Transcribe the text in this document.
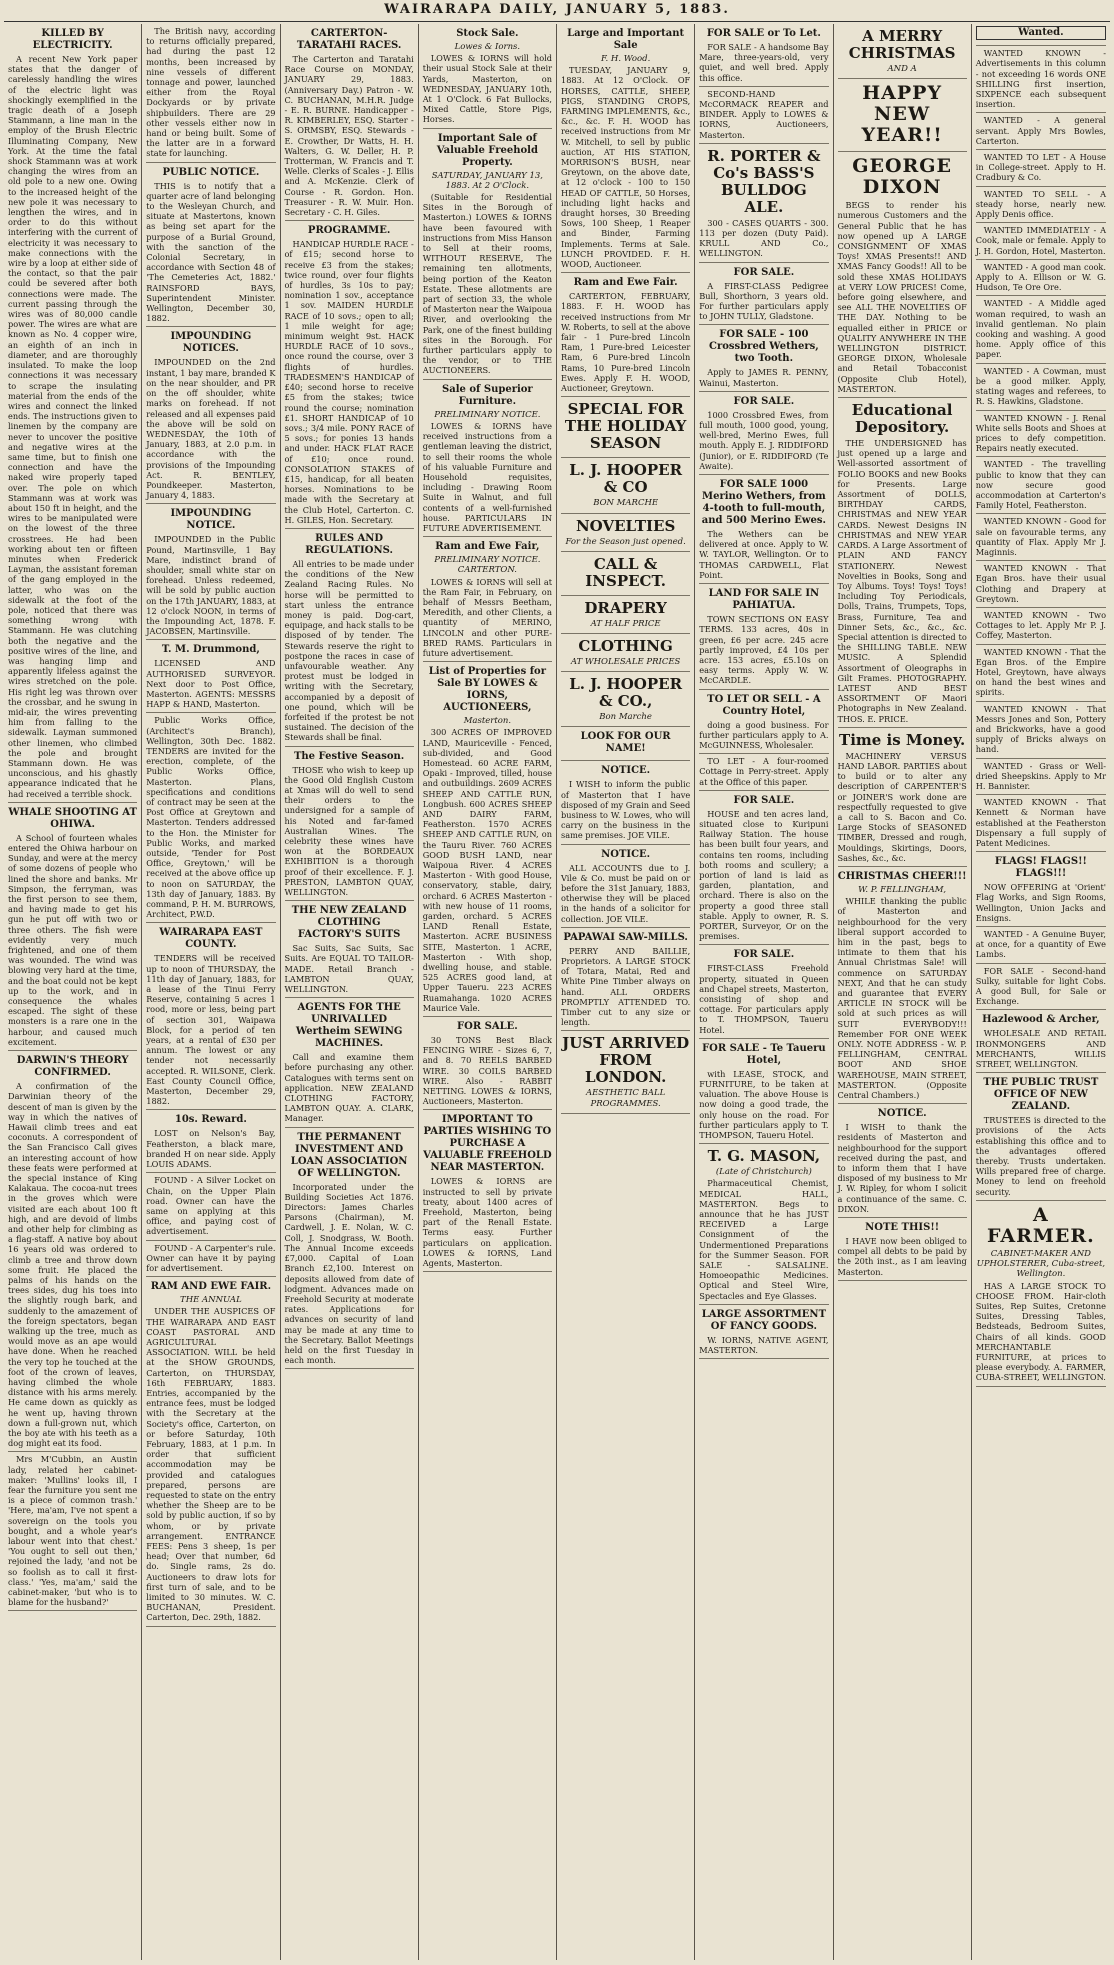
WAIRARAPA DAILY, JANUARY 5, 1883.
KILLED BY ELECTRICITY.

A recent New York paper states that the danger of carelessly handling the wires of the electric light was shockingly exemplified in the tragic death of a Joseph Stammann, a line man in the employ of the Brush Electric Illuminating Company, New York. At the time the fatal shock Stammann was at work changing the wires from an old pole to a new one. Owing to the increased height of the new pole it was necessary to lengthen the wires, and in order to do this without interfering with the current of electricity it was necessary to make connections with the wire by a loop at either side of the contact, so that the pair could be severed after both connections were made. The current passing through the wires was of 80,000 candle power. The wires are what are known as No. 4 copper wire, an eighth of an inch in diameter, and are thoroughly insulated. To make the loop connections it was necessary to scrape the insulating material from the ends of the wires and connect the linked ends. The instructions given to linemen by the company are never to uncover the positive and negative wires at the same time, but to finish one connection and have the naked wire properly taped over. The pole on which Stammann was at work was about 150 ft in height, and the wires to be manipulated were on the lowest of the three crosstrees. He had been working about ten or fifteen minutes when Frederick Layman, the assistant foreman of the gang employed in the latter, who was on the sidewalk at the foot of the pole, noticed that there was something wrong with Stammann. He was clutching both the negative and the positive wires of the line, and was hanging limp and apparently lifeless against the wires stretched on the pole. His right leg was thrown over the crossbar, and he swung in mid-air, the wires preventing him from falling to the sidewalk. Layman summoned other linemen, who climbed the pole and brought Stammann down. He was unconscious, and his ghastly appearance indicated that he had received a terrible shock.

WHALE SHOOTING AT OHIWA.

A School of fourteen whales entered the Ohiwa harbour on Sunday, and were at the mercy of some dozens of people who lined the shore and banks. Mr Simpson, the ferryman, was the first person to see them, and having made to get his gun he put off with two or three others. The fish were evidently very much frightened, and one of them was wounded. The wind was blowing very hard at the time, and the boat could not be kept up to the work, and in consequence the whales escaped. The sight of these monsters is a rare one in the harbour, and caused much excitement.

DARWIN'S THEORY CONFIRMED.

A confirmation of the Darwinian theory of the descent of man is given by the way in which the natives of Hawaii climb trees and eat coconuts. A correspondent of the San Francisco Call gives an interesting account of how these feats were performed at the special instance of King Kalakaua. The cocoa-nut trees in the groves which were visited are each about 100 ft high, and are devoid of limbs and other help for climbing as a flag-staff. A native boy about 16 years old was ordered to climb a tree and throw down some fruit. He placed the palms of his hands on the trees sides, dug his toes into the slightly rough bark, and suddenly to the amazement of the foreign spectators, began walking up the tree, much as would move as an ape would have done. When he reached the very top he touched at the foot of the crown of leaves, having climbed the whole distance with his arms merely. He came down as quickly as he went up, having thrown down a full-grown nut, which the boy ate with his teeth as a dog might eat its food.

Mrs M'Cubbin, an Austin lady, related her cabinet-maker: 'Mullins' looks ill, I fear the furniture you sent me is a piece of common trash.' 'Here, ma'am, I've not spent a sovereign on the tools you bought, and a whole year's labour went into that chest.' 'You ought to sell out then,' rejoined the lady, 'and not be so foolish as to call it first-class.' 'Yes, ma'am,' said the cabinet-maker, 'but who is to blame for the husband?'

The British navy, according to returns officially prepared, had during the past 12 months, been increased by nine vessels of different tonnage and power, launched either from the Royal Dockyards or by private shipbuilders. There are 29 other vessels either now in hand or being built. Some of the latter are in a forward state for launching.

PUBLIC NOTICE.

THIS is to notify that a quarter acre of land belonging to the Wesleyan Church, and situate at Mastertons, known as being set apart for the purpose of a Burial Ground, with the sanction of the Colonial Secretary, in accordance with Section 48 of 'The Cemeteries Act, 1882.' RAINSFORD BAYS, Superintendent Minister. Wellington, December 30, 1882.

IMPOUNDING NOTICES.

IMPOUNDED on the 2nd instant, 1 bay mare, branded K on the near shoulder, and PR on the off shoulder, white marks on forehead. If not released and all expenses paid the above will be sold on WEDNESDAY, the 10th of January, 1883, at 2.0 p.m. in accordance with the provisions of the Impounding Act. R. BENTLEY, Poundkeeper. Masterton, January 4, 1883.

IMPOUNDING NOTICE.

IMPOUNDED in the Public Pound, Martinsville, 1 Bay Mare, indistinct brand of shoulder, small white star on forehead. Unless redeemed, will be sold by public auction on the 17th JANUARY, 1883, at 12 o'clock NOON, in terms of the Impounding Act, 1878. F. JACOBSEN, Martinsville.

T. M. Drummond,

LICENSED AND AUTHORISED SURVEYOR. Next door to Post Office, Masterton. AGENTS: MESSRS HAPP & HAND, Masterton.

Public Works Office, (Architect's Branch), Wellington, 30th Dec. 1882. TENDERS are invited for the erection, complete, of the Public Works Office, Masterton. Plans, specifications and conditions of contract may be seen at the Post Office at Greytown and Masterton. Tenders addressed to the Hon. the Minister for Public Works, and marked outside, 'Tender for Post Office, Greytown,' will be received at the above office up to noon on SATURDAY, the 13th day of January, 1883. By command, P. H. M. BURROWS, Architect, P.W.D.

WAIRARAPA EAST COUNTY.

TENDERS will be received up to noon of THURSDAY, the 11th day of January, 1883, for a lease of the Tinui Ferry Reserve, containing 5 acres 1 rood, more or less, being part of section 301, Waipawa Block, for a period of ten years, at a rental of £30 per annum. The lowest or any tender not necessarily accepted. R. WILSONE, Clerk. East County Council Office, Masterton, December 29, 1882.

10s. Reward.

LOST on Nelson's Bay, Featherston, a black mare, branded H on near side. Apply LOUIS ADAMS.

FOUND - A Silver Locket on Chain, on the Upper Plain road. Owner can have the same on applying at this office, and paying cost of advertisement.

FOUND - A Carpenter's rule. Owner can have it by paying for advertisement.

RAM AND EWE FAIR.
THE ANNUAL

UNDER THE AUSPICES OF THE WAIRARAPA AND EAST COAST PASTORAL AND AGRICULTURAL ASSOCIATION. WILL be held at the SHOW GROUNDS, Carterton, on THURSDAY, 16th FEBRUARY, 1883. Entries, accompanied by the entrance fees, must be lodged with the Secretary at the Society's office, Carterton, on or before Saturday, 10th February, 1883, at 1 p.m. In order that sufficient accommodation may be provided and catalogues prepared, persons are requested to state on the entry whether the Sheep are to be sold by public auction, if so by whom, or by private arrangement. ENTRANCE FEES: Pens 3 sheep, 1s per head; Over that number, 6d do. Single rams, 2s do. Auctioneers to draw lots for first turn of sale, and to be limited to 30 minutes. W. C. BUCHANAN, President. Carterton, Dec. 29th, 1882.

CARTERTON-TARATAHI RACES.

The Carterton and Taratahi Race Course on MONDAY, JANUARY 29, 1883. (Anniversary Day.) Patron - W. C. BUCHANAN, M.H.R. Judge - E. R. BURNE. Handicapper - R. KIMBERLEY, ESQ. Starter - S. ORMSBY, ESQ. Stewards - E. Crowther, Dr Watts, H. H. Walters, G. W. Deller, H. P. Trotterman, W. Francis and T. Welle. Clerks of Scales - J. Ellis and A. McKenzie. Clerk of Course - R. Gordon. Hon. Treasurer - R. W. Muir. Hon. Secretary - C. H. Giles.

PROGRAMME.

HANDICAP HURDLE RACE - of £15; second horse to receive £3 from the stakes; twice round, over four flights of hurdles, 3s 10s to pay; nomination 1 sov., acceptance 1 sov. MAIDEN HURDLE RACE of 10 sovs.; open to all; 1 mile weight for age; minimum weight 9st. HACK HURDLE RACE of 10 sovs., once round the course, over 3 flights of hurdles. TRADESMEN'S HANDICAP of £40; second horse to receive £5 from the stakes; twice round the course; nomination £1. SHORT HANDICAP of 10 sovs.; 3/4 mile. PONY RACE of 5 sovs.; for ponies 13 hands and under. HACK FLAT RACE of £10; once round. CONSOLATION STAKES of £15, handicap, for all beaten horses. Nominations to be made with the Secretary at the Club Hotel, Carterton. C. H. GILES, Hon. Secretary.

RULES AND REGULATIONS.

All entries to be made under the conditions of the New Zealand Racing Rules. No horse will be permitted to start unless the entrance money is paid. Dog-cart, equipage, and hack stalls to be disposed of by tender. The Stewards reserve the right to postpone the races in case of unfavourable weather. Any protest must be lodged in writing with the Secretary, accompanied by a deposit of one pound, which will be forfeited if the protest be not sustained. The decision of the Stewards shall be final.

The Festive Season.

THOSE who wish to keep up the Good Old English Custom at Xmas will do well to send their orders to the undersigned for a sample of his Noted and far-famed Australian Wines. The celebrity these wines have won at the BORDEAUX EXHIBITION is a thorough proof of their excellence. F. J. PRESTON, LAMBTON QUAY, WELLINGTON.

THE NEW ZEALAND CLOTHING FACTORY'S SUITS

Sac Suits, Sac Suits, Sac Suits. Are EQUAL TO TAILOR-MADE. Retail Branch - LAMBTON QUAY, WELLINGTON.

AGENTS FOR THE UNRIVALLED Wertheim SEWING MACHINES.

Call and examine them before purchasing any other. Catalogues with terms sent on application. NEW ZEALAND CLOTHING FACTORY, LAMBTON QUAY. A. CLARK, Manager.

THE PERMANENT INVESTMENT AND LOAN ASSOCIATION OF WELLINGTON.

Incorporated under the Building Societies Act 1876. Directors: James Charles Parsons (Chairman), M. Cardwell, J. E. Nolan, W. C. Coll, J. Snodgrass, W. Booth. The Annual Income exceeds £7,000. Capital of Loan Branch £2,100. Interest on deposits allowed from date of lodgment. Advances made on Freehold Security at moderate rates. Applications for advances on security of land may be made at any time to the Secretary. Ballot Meetings held on the first Tuesday in each month.

Stock Sale.
Lowes & Iorns.

LOWES & IORNS will hold their usual Stock Sale at their Yards, Masterton, on WEDNESDAY, JANUARY 10th, At 1 O'Clock. 6 Fat Bullocks, Mixed Cattle, Store Pigs, Horses.

Important Sale of Valuable Freehold Property.
SATURDAY, JANUARY 13, 1883. At 2 O'Clock.

(Suitable for Residential Sites in the Borough of Masterton.) LOWES & IORNS have been favoured with instructions from Miss Hanson to Sell at their rooms, WITHOUT RESERVE, The remaining ten allotments, being portion of the Keaton Estate. These allotments are part of section 33, the whole of Masterton near the Waipoua River, and overlooking the Park, one of the finest building sites in the Borough. For further particulars apply to the vendor, or to THE AUCTIONEERS.

Sale of Superior Furniture.
PRELIMINARY NOTICE.

LOWES & IORNS have received instructions from a gentleman leaving the district, to sell their rooms the whole of his valuable Furniture and Household requisites, including - Drawing Room Suite in Walnut, and full contents of a well-furnished house. PARTICULARS IN FUTURE ADVERTISEMENT.

Ram and Ewe Fair,
PRELIMINARY NOTICE. CARTERTON.

LOWES & IORNS will sell at the Ram Fair, in February, on behalf of Messrs Beetham, Meredith, and other Clients, a quantity of MERINO, LINCOLN and other PURE-BRED RAMS. Particulars in future advertisement.

List of Properties for Sale BY LOWES & IORNS, AUCTIONEERS,
Masterton.

300 ACRES OF IMPROVED LAND, Mauriceville - Fenced, sub-divided, and Good Homestead. 60 ACRE FARM, Opaki - Improved, tilled, house and outbuildings. 2609 ACRES SHEEP AND CATTLE RUN, Longbush. 600 ACRES SHEEP AND DAIRY FARM, Featherston. 1570 ACRES SHEEP AND CATTLE RUN, on the Tauru River. 760 ACRES GOOD BUSH LAND, near Waipoua River. 4 ACRES Masterton - With good House, conservatory, stable, dairy, orchard. 6 ACRES Masterton - with new house of 11 rooms, garden, orchard. 5 ACRES LAND Renall Estate, Masterton. ACRE BUSINESS SITE, Masterton. 1 ACRE, Masterton - With shop, dwelling house, and stable. 525 ACRES good land, at Upper Taueru. 223 ACRES Ruamahanga. 1020 ACRES Maurice Vale.

FOR SALE.

30 TONS Best Black FENCING WIRE - Sizes 6, 7, and 8. 70 REELS BARBED WIRE. 30 COILS BARBED WIRE. Also - RABBIT NETTING. LOWES & IORNS, Auctioneers, Masterton.

IMPORTANT TO PARTIES WISHING TO PURCHASE A VALUABLE FREEHOLD NEAR MASTERTON.

LOWES & IORNS are instructed to sell by private treaty, about 1400 acres of Freehold, Masterton, being part of the Renall Estate. Terms easy. Further particulars on application. LOWES & IORNS, Land Agents, Masterton.

Large and Important Sale
F. H. Wood.

TUESDAY, JANUARY 9, 1883. At 12 O'Clock. OF HORSES, CATTLE, SHEEP, PIGS, STANDING CROPS, FARMING IMPLEMENTS, &c., &c., &c. F. H. WOOD has received instructions from Mr W. Mitchell, to sell by public auction, AT HIS STATION, MORRISON'S BUSH, near Greytown, on the above date, at 12 o'clock - 100 to 150 HEAD OF CATTLE, 50 Horses, including light hacks and draught horses, 30 Breeding Sows, 100 Sheep, 1 Reaper and Binder, Farming Implements. Terms at Sale. LUNCH PROVIDED. F. H. WOOD, Auctioneer.

Ram and Ewe Fair.

CARTERTON, FEBRUARY, 1883. F. H. WOOD has received instructions from Mr W. Roberts, to sell at the above fair - 1 Pure-bred Lincoln Ram, 1 Pure-bred Leicester Ram, 6 Pure-bred Lincoln Rams, 10 Pure-bred Lincoln Ewes. Apply F. H. WOOD, Auctioneer, Greytown.

SPECIAL FOR THE HOLIDAY SEASON
L. J. HOOPER & CO
BON MARCHE
NOVELTIES
For the Season just opened.
CALL & INSPECT.
DRAPERY
AT HALF PRICE
CLOTHING
AT WHOLESALE PRICES
L. J. HOOPER & CO.,
Bon Marche
LOOK FOR OUR NAME!
NOTICE.

I WISH to inform the public of Masterton that I have disposed of my Grain and Seed business to W. Lowes, who will carry on the business in the same premises. JOE VILE.

NOTICE.

ALL ACCOUNTS due to J. Vile & Co. must be paid on or before the 31st January, 1883, otherwise they will be placed in the hands of a solicitor for collection. JOE VILE.

PAPAWAI SAW-MILLS.

PERRY AND BAILLIE, Proprietors. A LARGE STOCK of Totara, Matai, Red and White Pine Timber always on hand. ALL ORDERS PROMPTLY ATTENDED TO. Timber cut to any size or length.

JUST ARRIVED FROM LONDON.
AESTHETIC BALL PROGRAMMES.
FOR SALE or To Let.

FOR SALE - A handsome Bay Mare, three-years-old, very quiet, and well bred. Apply this office.

SECOND-HAND McCORMACK REAPER and BINDER. Apply to LOWES & IORNS, Auctioneers, Masterton.

R. PORTER & Co's BASS'S BULLDOG ALE.

300 - CASES QUARTS - 300. 113 per dozen (Duty Paid). KRULL AND Co., WELLINGTON.

FOR SALE.

A FIRST-CLASS Pedigree Bull, Shorthorn, 3 years old. For further particulars apply to JOHN TULLY, Gladstone.

FOR SALE - 100 Crossbred Wethers, two Tooth.

Apply to JAMES R. PENNY, Wainui, Masterton.

FOR SALE.

1000 Crossbred Ewes, from full mouth, 1000 good, young, well-bred, Merino Ewes, full mouth. Apply E. J. RIDDIFORD (Junior), or E. RIDDIFORD (Te Awaite).

FOR SALE 1000 Merino Wethers, from 4-tooth to full-mouth, and 500 Merino Ewes.

The Wethers can be delivered at once. Apply to W. W. TAYLOR, Wellington. Or to THOMAS CARDWELL, Flat Point.

LAND FOR SALE IN PAHIATUA.

TOWN SECTIONS ON EASY TERMS. 133 acres, 40s in green, £6 per acre. 245 acre partly improved, £4 10s per acre. 153 acres, £5.10s on easy terms. Apply W. W. McCARDLE.

TO LET OR SELL - A Country Hotel,

doing a good business. For further particulars apply to A. McGUINNESS, Wholesaler.

TO LET - A four-roomed Cottage in Perry-street. Apply at the Office of this paper.

FOR SALE.

HOUSE and ten acres land, situated close to Kuripuni Railway Station. The house has been built four years, and contains ten rooms, including both rooms and scullery; a portion of land is laid as garden, plantation, and orchard. There is also on the property a good three stall stable. Apply to owner, R. S. PORTER, Surveyor, Or on the premises.

FOR SALE.

FIRST-CLASS Freehold property, situated in Queen and Chapel streets, Masterton, consisting of shop and cottage. For particulars apply to T. THOMPSON, Taueru Hotel.

FOR SALE - Te Taueru Hotel,

with LEASE, STOCK, and FURNITURE, to be taken at valuation. The above House is now doing a good trade, the only house on the road. For further particulars apply to T. THOMPSON, Taueru Hotel.

T. G. MASON,
(Late of Christchurch)

Pharmaceutical Chemist, MEDICAL HALL, MASTERTON. Begs to announce that he has JUST RECEIVED a Large Consignment of the Undermentioned Preparations for the Summer Season. FOR SALE - SALSALINE. Homoeopathic Medicines. Optical and Steel Wire, Spectacles and Eye Glasses.

LARGE ASSORTMENT OF FANCY GOODS.

W. IORNS, NATIVE AGENT, MASTERTON.

A MERRY CHRISTMAS
AND A
HAPPY NEW YEAR!!
GEORGE DIXON

BEGS to render his numerous Customers and the General Public that he has now opened up A LARGE CONSIGNMENT OF XMAS Toys! XMAS Presents!! AND XMAS Fancy Goods!! All to be sold these XMAS HOLIDAYS at VERY LOW PRICES! Come, before going elsewhere, and see ALL THE NOVELTIES OF THE DAY. Nothing to be equalled either in PRICE or QUALITY ANYWHERE IN THE WELLINGTON DISTRICT. GEORGE DIXON, Wholesale and Retail Tobacconist (Opposite Club Hotel), MASTERTON.

Educational Depository.

THE UNDERSIGNED has just opened up a large and Well-assorted assortment of FOLIO BOOKS and new Books for Presents. Large Assortment of DOLLS, BIRTHDAY CARDS, CHRISTMAS and NEW YEAR CARDS. Newest Designs IN CHRISTMAS and NEW YEAR CARDS. A Large Assortment of PLAIN AND FANCY STATIONERY. Newest Novelties in Books, Song and Toy Albums. Toys! Toys! Toys! Including Toy Periodicals, Dolls, Trains, Trumpets, Tops, Brass, Furniture, Tea and Dinner Sets, &c., &c., &c. Special attention is directed to the SHILLING TABLE. NEW MUSIC. A Splendid Assortment of Oleographs in Gilt Frames. PHOTOGRAPHY. LATEST AND BEST ASSORTMENT OF Maori Photographs in New Zealand. THOS. E. PRICE.

Time is Money.

MACHINERY VERSUS HAND LABOR. PARTIES about to build or to alter any description of CARPENTER'S or JOINER'S work done are respectfully requested to give a call to S. Bacon and Co. Large Stocks of SEASONED TIMBER, Dressed and rough, Mouldings, Skirtings, Doors, Sashes, &c., &c.

CHRISTMAS CHEER!!!
W. P. FELLINGHAM,

WHILE thanking the public of Masterton and neighbourhood for the very liberal support accorded to him in the past, begs to intimate to them that his Annual Christmas Sale! will commence on SATURDAY NEXT, And that he can study and guarantee that EVERY ARTICLE IN STOCK will be sold at such prices as will SUIT EVERYBODY!!! Remember FOR ONE WEEK ONLY. NOTE ADDRESS - W. P. FELLINGHAM, CENTRAL BOOT AND SHOE WAREHOUSE, MAIN STREET, MASTERTON. (Opposite Central Chambers.)

NOTICE.

I WISH to thank the residents of Masterton and neighbourhood for the support received during the past, and to inform them that I have disposed of my business to Mr J. W. Ripley, for whom I solicit a continuance of the same. C. DIXON.

NOTE THIS!!

I HAVE now been obliged to compel all debts to be paid by the 20th inst., as I am leaving Masterton.

Wanted.

WANTED KNOWN - Advertisements in this column - not exceeding 16 words ONE SHILLING first insertion, SIXPENCE each subsequent insertion.

WANTED - A general servant. Apply Mrs Bowles, Carterton.

WANTED TO LET - A House in College-street. Apply to H. Cradbury & Co.

WANTED TO SELL - A steady horse, nearly new. Apply Denis office.

WANTED IMMEDIATELY - A Cook, male or female. Apply to J. H. Gordon, Hotel, Masterton.

WANTED - A good man cook. Apply to A. Ellison or W. G. Hudson, Te Ore Ore.

WANTED - A Middle aged woman required, to wash an invalid gentleman. No plain cooking and washing. A good home. Apply office of this paper.

WANTED - A Cowman, must be a good milker. Apply, stating wages and referees, to R. S. Hawkins, Gladstone.

WANTED KNOWN - J. Renal White sells Boots and Shoes at prices to defy competition. Repairs neatly executed.

WANTED - The travelling public to know that they can now secure good accommodation at Carterton's Family Hotel, Featherston.

WANTED KNOWN - Good for sale on favourable terms, any quantity of Flax. Apply Mr J. Maginnis.

WANTED KNOWN - That Egan Bros. have their usual Clothing and Drapery at Greytown.

WANTED KNOWN - Two Cottages to let. Apply Mr P. J. Coffey, Masterton.

WANTED KNOWN - That the Egan Bros. of the Empire Hotel, Greytown, have always on hand the best wines and spirits.

WANTED KNOWN - That Messrs Jones and Son, Pottery and Brickworks, have a good supply of Bricks always on hand.

WANTED - Grass or Well-dried Sheepskins. Apply to Mr H. Bannister.

WANTED KNOWN - That Kennett & Norman have established at the Featherston Dispensary a full supply of Patent Medicines.

FLAGS! FLAGS!! FLAGS!!!

NOW OFFERING at 'Orient' Flag Works, and Sign Rooms, Wellington, Union Jacks and Ensigns.

WANTED - A Genuine Buyer, at once, for a quantity of Ewe Lambs.

FOR SALE - Second-hand Sulky, suitable for light Cobs. A good Bull, for Sale or Exchange.

Hazlewood & Archer,

WHOLESALE AND RETAIL IRONMONGERS AND MERCHANTS, WILLIS STREET, WELLINGTON.

THE PUBLIC TRUST OFFICE OF NEW ZEALAND.

TRUSTEES is directed to the provisions of the Acts establishing this office and to the advantages offered thereby. Trusts undertaken. Wills prepared free of charge. Money to lend on freehold security.

A FARMER.
CABINET-MAKER AND UPHOLSTERER, Cuba-street, Wellington.

HAS A LARGE STOCK TO CHOOSE FROM. Hair-cloth Suites, Rep Suites, Cretonne Suites, Dressing Tables, Bedsteads, Bedroom Suites, Chairs of all kinds. GOOD MERCHANTABLE FURNITURE, at prices to please everybody. A. FARMER, CUBA-STREET, WELLINGTON.
